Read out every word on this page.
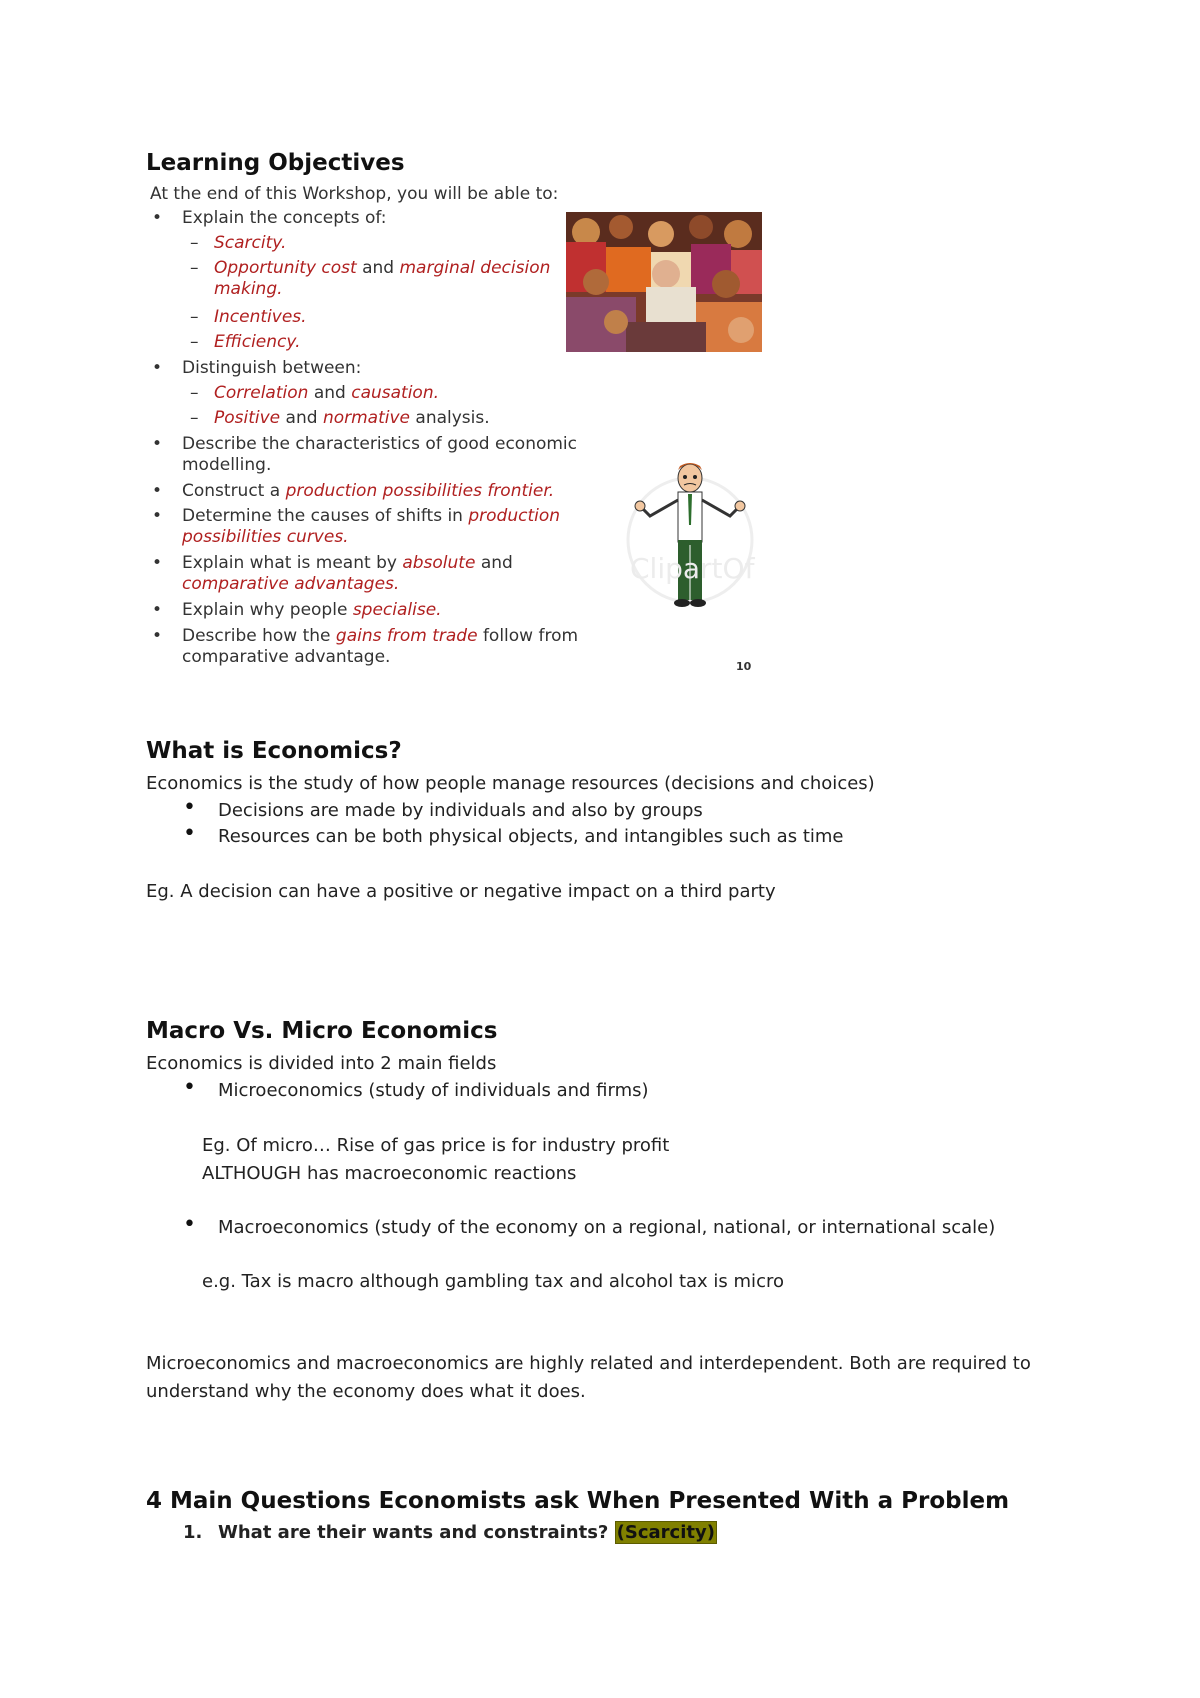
Learning Objectives
At the end of this Workshop, you will be able to:
• Explain the concepts of:
– Scarcity.
– Opportunity cost and marginal decision
making.
– Incentives.
– Efficiency.
• Distinguish between:
– Correlation and causation.
– Positive and normative analysis.
• Describe the characteristics of good economic
modelling.
• Construct a production possibilities frontier.
• Determine the causes of shifts in production
possibilities curves.
• Explain what is meant by absolute and
comparative advantages.
• Explain why people specialise.
• Describe how the gains from trade follow from
comparative advantage.
ClipartOf
10
What is Economics?
Economics is the study of how people manage resources (decisions and choices)
• Decisions are made by individuals and also by groups
• Resources can be both physical objects, and intangibles such as time
Eg. A decision can have a positive or negative impact on a third party
Macro Vs. Micro Economics
Economics is divided into 2 main fields
• Microeconomics (study of individuals and firms)
Eg. Of micro… Rise of gas price is for industry profit
ALTHOUGH has macroeconomic reactions
• Macroeconomics (study of the economy on a regional, national, or international scale)
e.g. Tax is macro although gambling tax and alcohol tax is micro
Microeconomics and macroeconomics are highly related and interdependent. Both are required to
understand why the economy does what it does.
4 Main Questions Economists ask When Presented With a Problem
1. What are their wants and constraints? (Scarcity)
